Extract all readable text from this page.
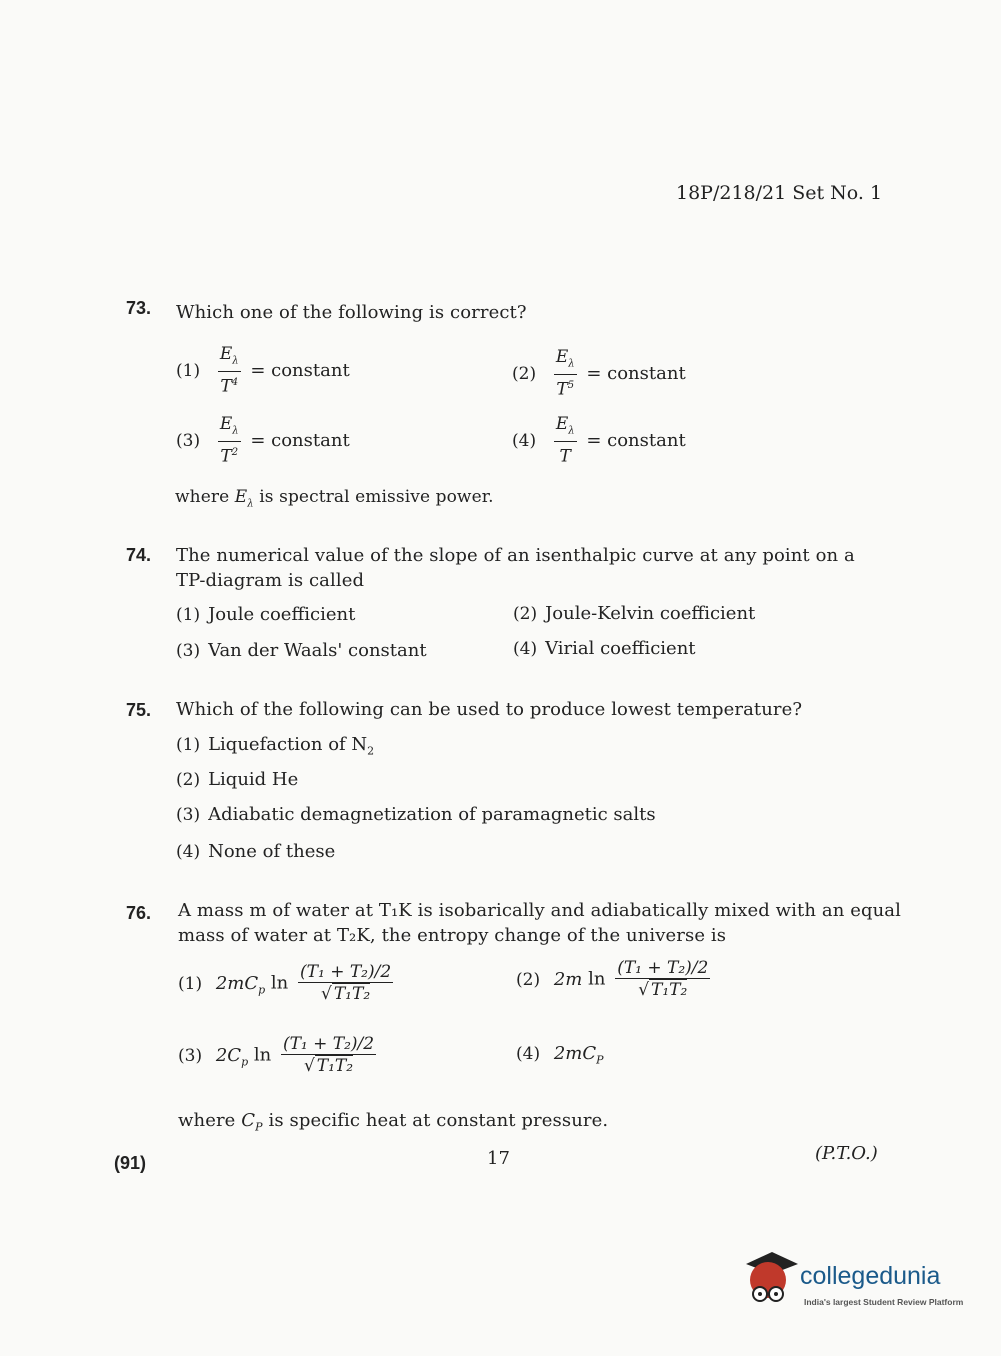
18P/218/21 Set No. 1
73. Which one of the following is correct?
$(1) \frac{E_\lambda}{T^4}$ = constant	$(2) \frac{E_\lambda}{T^5}$ = constant
$(3) \frac{E_\lambda}{T^2}$ = constant	$(4) \frac{E_\lambda}{T}$ = constant
where $E_\lambda$ is spectral emissive power.
74. The numerical value of the slope of an isenthalpic curve at any point on a
TP-diagram is called
(1) Joule coefficient	(2) Joule-Kelvin coefficient
(3) Van der Waals' constant	(4) Virial coefficient
75. Which of the following can be used to produce lowest temperature?
(1) Liquefaction of $N_2$
(2) Liquid He
(3) Adiabatic demagnetization of paramagnetic salts
(4) None of these
76. A mass m of water at T₁K is isobarically and adiabatically mixed with an equal
mass of water at T₂K, the entropy change of the universe is
(1) $2mC_p$ $\ln \frac{\text{(T₁ + T₂)/2}}{\text{√ T₁T₂}}$	(2) 2m $\ln \frac{\text{(T₁ + T₂)/2}}{\text{√ T₁T₂}}$
(3) $2C_p$ $\ln \frac{\text{(T₁ + T₂)/2}}{\text{√ T₁T₂}}$	(4) $2mC_P$
where $C_P$ is specific heat at constant pressure.
(91)	17	(P.T.O.)
collegedunia
India's largest Student Review Platform
